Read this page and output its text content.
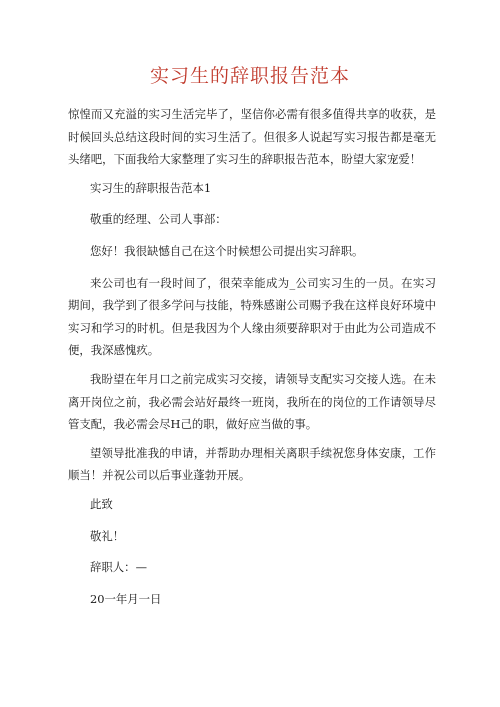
实习生的辞职报告范本

惊惶而又充溢的实习生活完毕了，坚信你必需有很多值得共享的收获，是时候回头总结这段时间的实习生活了。但很多人说起写实习报告都是毫无头绪吧，下面我给大家整理了实习生的辞职报告范本，盼望大家宠爱！

实习生的辞职报告范本1

敬重的经理、公司人事部：

您好！我很缺憾自己在这个时候想公司提出实习辞职。

来公司也有一段时间了，很荣幸能成为_公司实习生的一员。在实习期间，我学到了很多学问与技能，特殊感谢公司赐予我在这样良好环境中实习和学习的时机。但是我因为个人缘由须要辞职对于由此为公司造成不便，我深感愧疚。

我盼望在年月口之前完成实习交接，请领导支配实习交接人选。在未离开岗位之前，我必需会站好最终一班岗，我所在的岗位的工作请领导尽管支配，我必需会尽H己的职，做好应当做的事。

望领导批准我的申请，并帮助办理相关离职手续祝您身体安康，工作顺当！并祝公司以后事业蓬勃开展。

此致

敬礼！

辞职人：—

20一年月一日
